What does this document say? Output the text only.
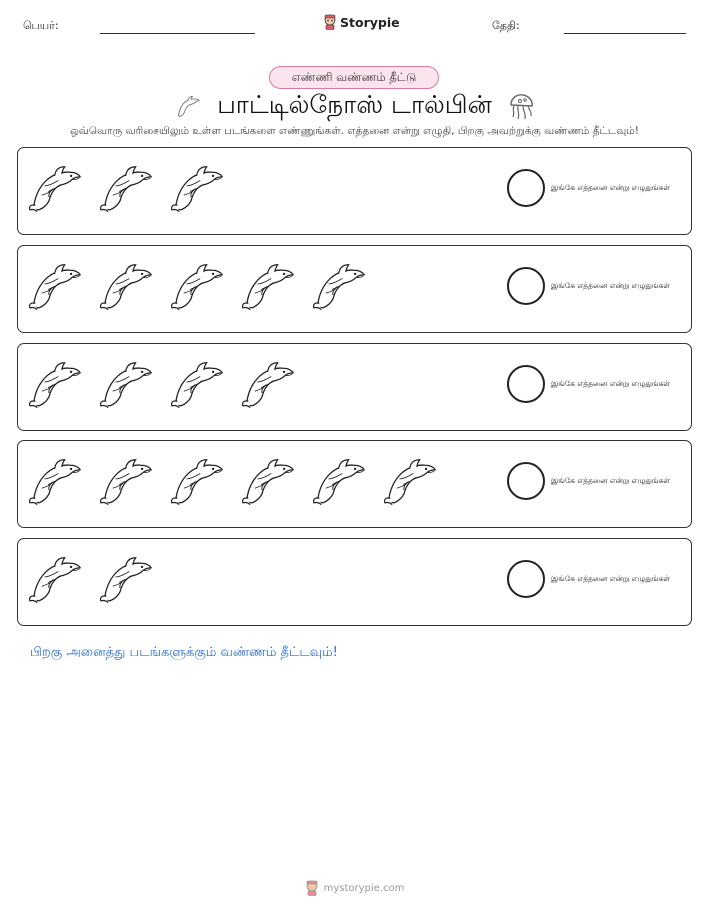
பெயர்:	Storypie	தேதி:
எண்ணி வண்ணம் தீட்டு
பாட்டில்நோஸ் டால்பின்
ஒவ்வொரு வரிசையிலும் உள்ள படங்களை எண்ணுங்கள். எத்தனை என்று எழுதி, பிறகு அவற்றுக்கு வண்ணம் தீட்டவும்!
இங்கே எத்தனை என்று எழுதுங்கள்
இங்கே எத்தனை என்று எழுதுங்கள்
இங்கே எத்தனை என்று எழுதுங்கள்
இங்கே எத்தனை என்று எழுதுங்கள்
இங்கே எத்தனை என்று எழுதுங்கள்
பிறகு அனைத்து படங்களுக்கும் வண்ணம் தீட்டவும்!
mystorypie.com
